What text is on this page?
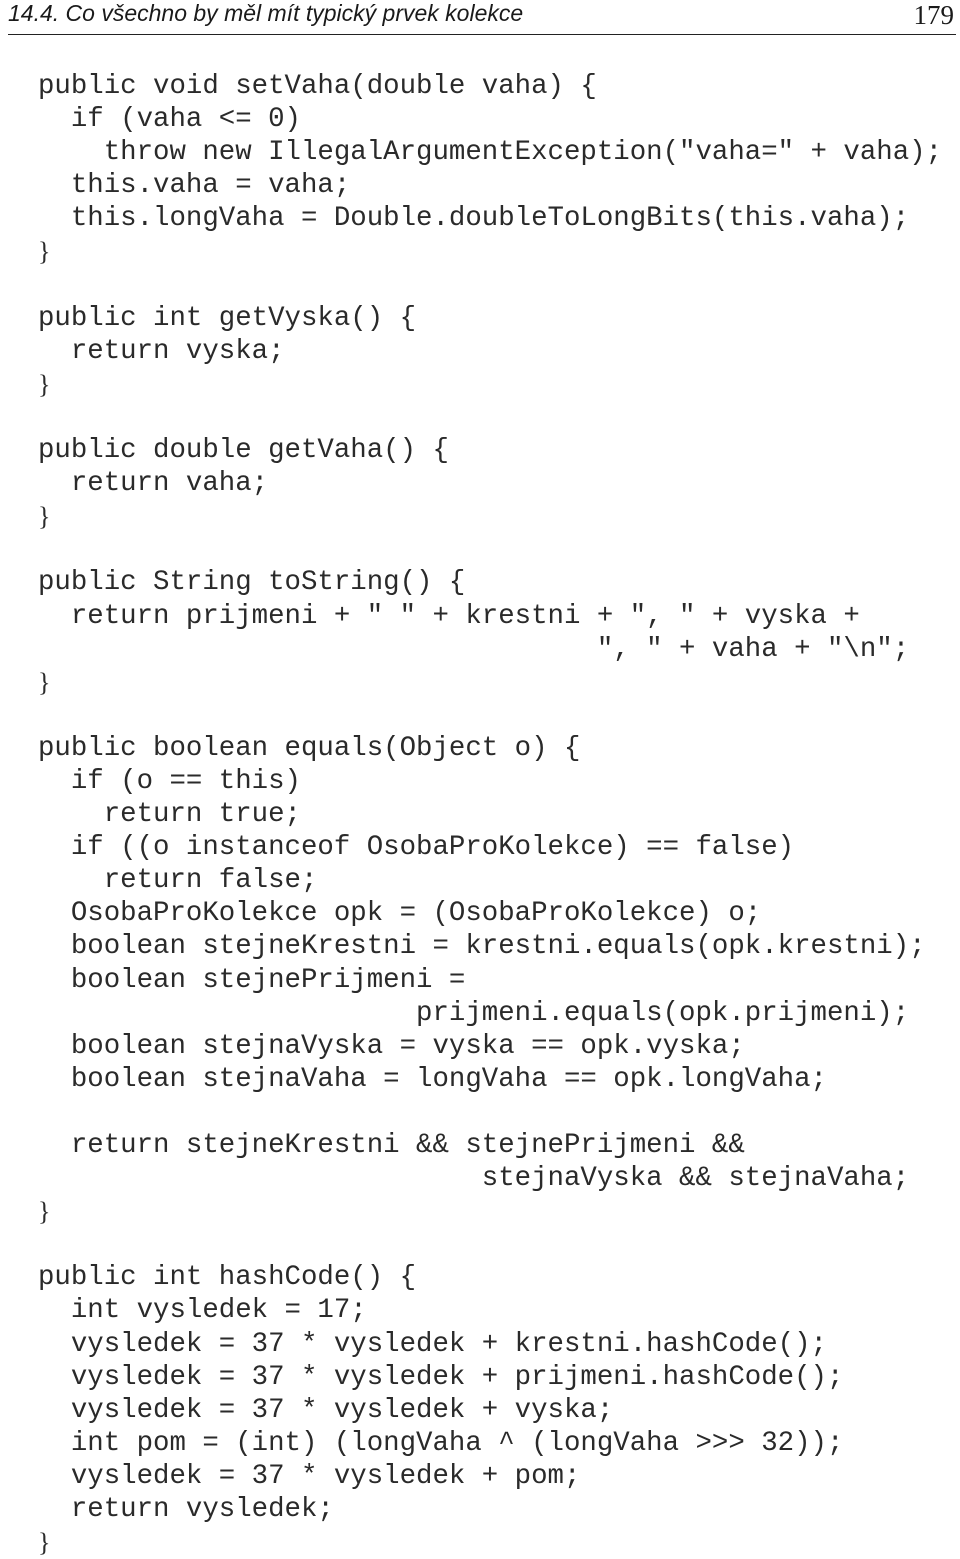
14.4. Co všechno by měl mít typický prvek kolekce	179
public void setVaha(double vaha) {
if (vaha <= 0)
throw new IllegalArgumentException("vaha=" + vaha);
this.vaha = vaha;
this.longVaha = Double.doubleToLongBits(this.vaha);
}
public int getVyska() {
return vyska;
}
public double getVaha() {
return vaha;
}
public String toString() {
return prijmeni + " " + krestni + ", " + vyska +
", " + vaha + "\n";
}
public boolean equals(Object o) {
if (o == this)
return true;
if ((o instanceof OsobaProKolekce) == false)
return false;
OsobaProKolekce opk = (OsobaProKolekce) o;
boolean stejneKrestni = krestni.equals(opk.krestni);
boolean stejnePrijmeni =
prijmeni.equals(opk.prijmeni);
boolean stejnaVyska = vyska == opk.vyska;
boolean stejnaVaha = longVaha == opk.longVaha;
return stejneKrestni && stejnePrijmeni &&
stejnaVyska && stejnaVaha;
}
public int hashCode() {
int vysledek = 17;
vysledek = 37 * vysledek + krestni.hashCode();
vysledek = 37 * vysledek + prijmeni.hashCode();
vysledek = 37 * vysledek + vyska;
int pom = (int) (longVaha ^ (longVaha >>> 32));
vysledek = 37 * vysledek + pom;
return vysledek;
}
